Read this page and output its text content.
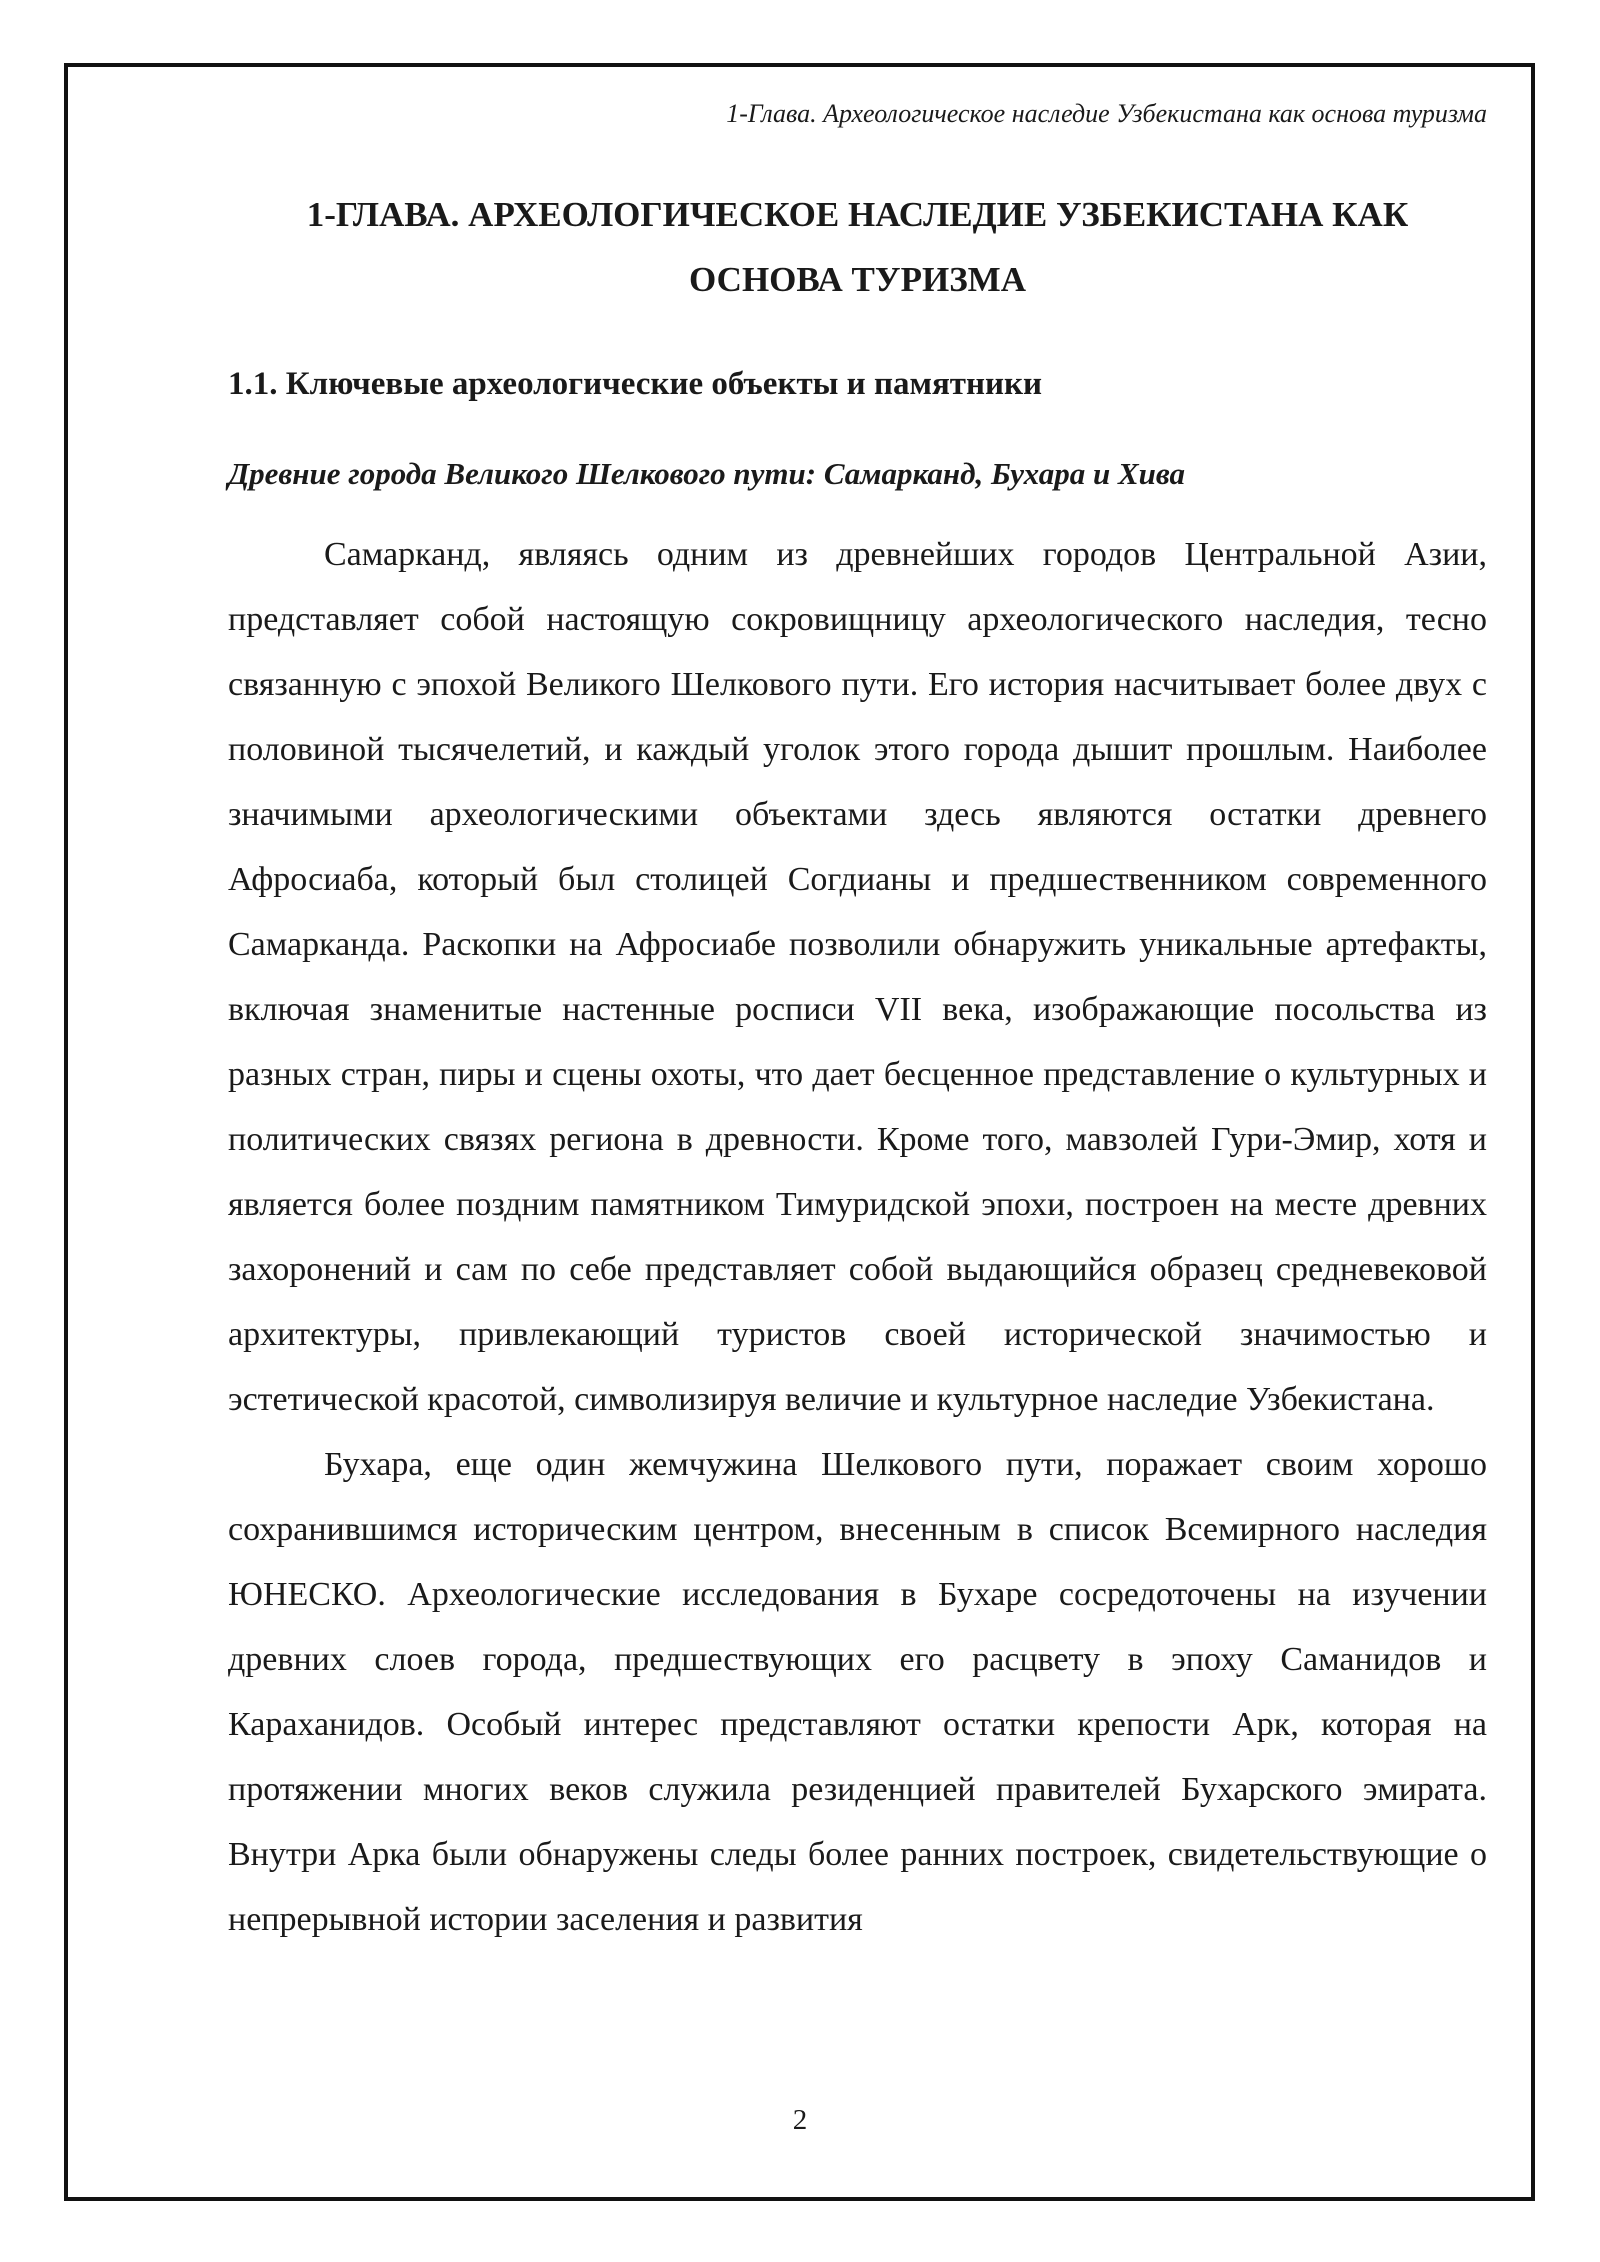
1-Глава. Археологическое наследие Узбекистана как основа туризма
1-ГЛАВА. АРХЕОЛОГИЧЕСКОЕ НАСЛЕДИЕ УЗБЕКИСТАНА КАК ОСНОВА ТУРИЗМА
1.1. Ключевые археологические объекты и памятники
Древние города Великого Шелкового пути: Самарканд, Бухара и Хива

Самарканд, являясь одним из древнейших городов Центральной Азии, представляет собой настоящую сокровищницу археологического наследия, тесно связанную с эпохой Великого Шелкового пути. Его история насчитывает более двух с половиной тысячелетий, и каждый уголок этого города дышит прошлым. Наиболее значимыми археологическими объектами здесь являются остатки древнего Афросиаба, который был столицей Согдианы и предшественником современного Самарканда. Раскопки на Афросиабе позволили обнаружить уникальные артефакты, включая знаменитые настенные росписи VII века, изображающие посольства из разных стран, пиры и сцены охоты, что дает бесценное представление о культурных и политических связях региона в древности. Кроме того, мавзолей Гури-Эмир, хотя и является более поздним памятником Тимуридской эпохи, построен на месте древних захоронений и сам по себе представляет собой выдающийся образец средневековой архитектуры, привлекающий туристов своей исторической значимостью и эстетической красотой, символизируя величие и культурное наследие Узбекистана.

Бухара, еще один жемчужина Шелкового пути, поражает своим хорошо сохранившимся историческим центром, внесенным в список Всемирного наследия ЮНЕСКО. Археологические исследования в Бухаре сосредоточены на изучении древних слоев города, предшествующих его расцвету в эпоху Саманидов и Караханидов. Особый интерес представляют остатки крепости Арк, которая на протяжении многих веков служила резиденцией правителей Бухарского эмирата. Внутри Арка были обнаружены следы более ранних построек, свидетельствующие о непрерывной истории заселения и развития

2
